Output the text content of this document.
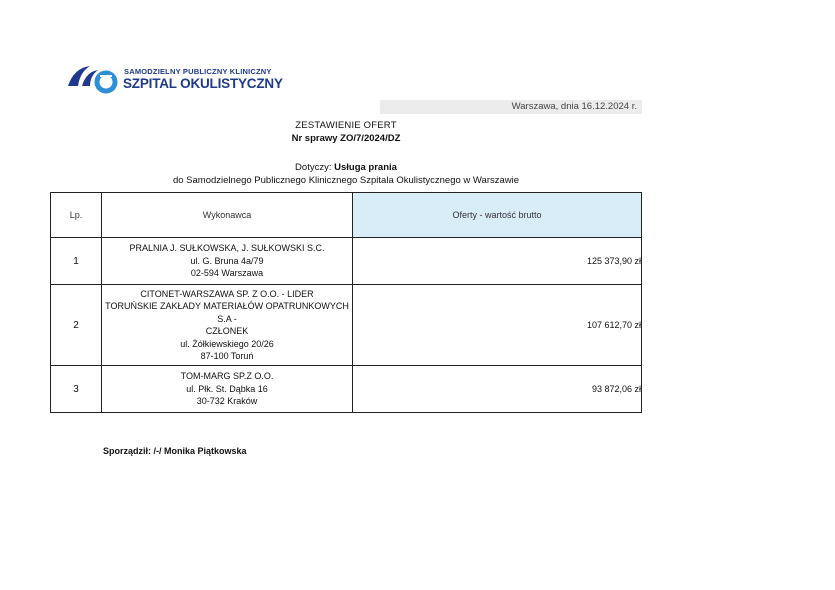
SAMODZIELNY PUBLICZNY KLINICZNY
SZPITAL OKULISTYCZNY
Warszawa, dnia 16.12.2024 r.
ZESTAWIENIE OFERT
Nr sprawy ZO/7/2024/DZ
Dotyczy: Usługa prania
do Samodzielnego Publicznego Klinicznego Szpitala Okulistycznego w Warszawie
Lp.	Wykonawca	Oferty - wartość brutto
1	PRALNIA J. SUŁKOWSKA, J. SUŁKOWSKI S.C.
ul. G. Bruna 4a/79
02-594 Warszawa	125 373,90 zł
2	CITONET-WARSZAWA SP. Z O.O. - LIDER
TORUŃSKIE ZAKŁADY MATERIAŁÓW OPATRUNKOWYCH S.A -
CZŁONEK
ul. Żółkiewskiego 20/26
87-100 Toruń	107 612,70 zł
3	TOM-MARG SP.Z O.O.
ul. Płk. St. Dąbka 16
30-732 Kraków	93 872,06 zł
Sporządził: /-/ Monika Piątkowska
